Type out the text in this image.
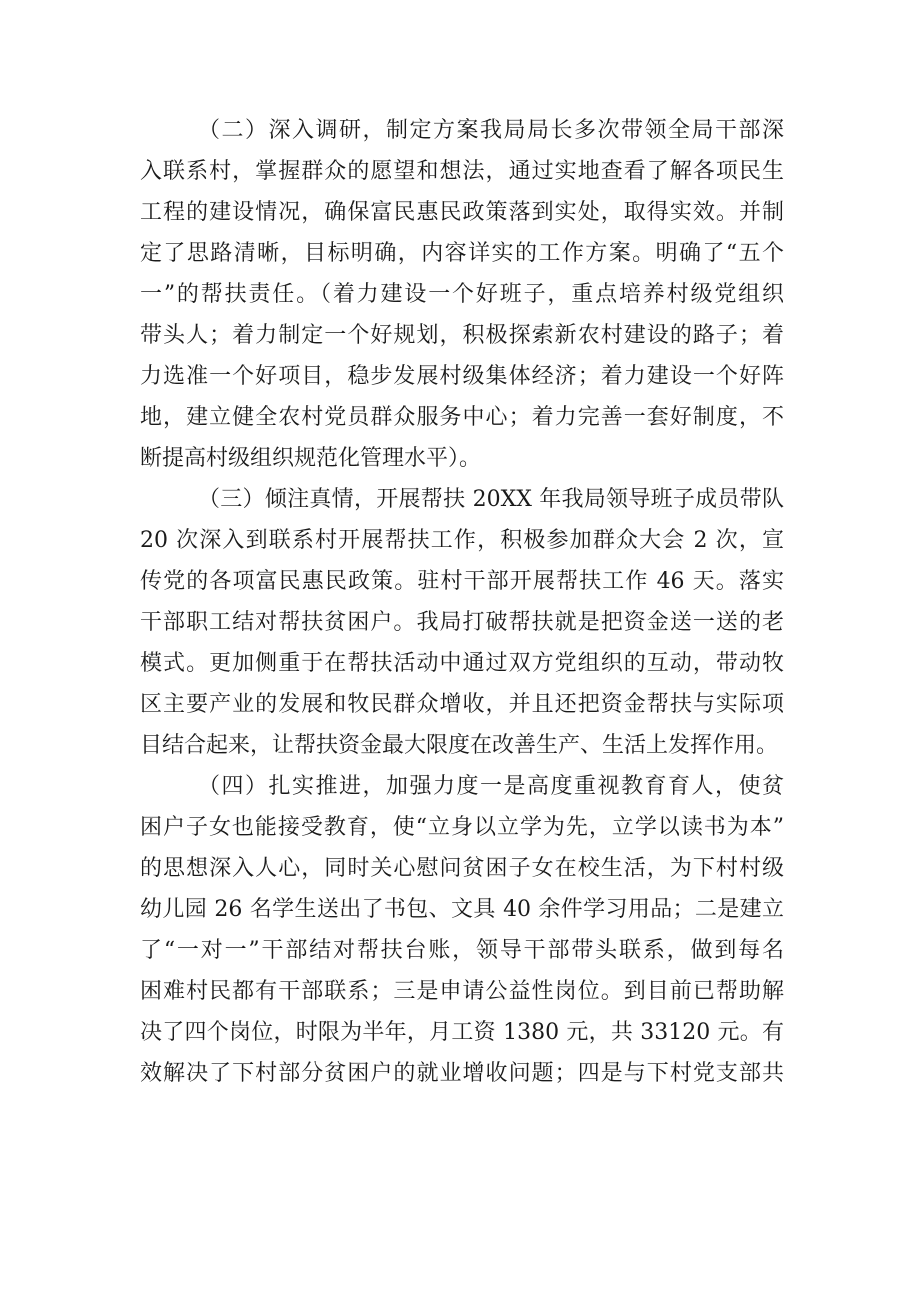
（二）深入调研，制定方案我局局长多次带领全局干部深
入联系村，掌握群众的愿望和想法，通过实地查看了解各项民生
工程的建设情况，确保富民惠民政策落到实处，取得实效。并制
定了思路清晰，目标明确，内容详实的工作方案。明确了“五个
一”的帮扶责任。（着力建设一个好班子，重点培养村级党组织
带头人；着力制定一个好规划，积极探索新农村建设的路子；着
力选准一个好项目，稳步发展村级集体经济；着力建设一个好阵
地，建立健全农村党员群众服务中心；着力完善一套好制度，不
断提高村级组织规范化管理水平）。
（三）倾注真情，开展帮扶 20XX 年我局领导班子成员带队
20 次深入到联系村开展帮扶工作，积极参加群众大会 2 次，宣
传党的各项富民惠民政策。驻村干部开展帮扶工作 46 天。落实
干部职工结对帮扶贫困户。我局打破帮扶就是把资金送一送的老
模式。更加侧重于在帮扶活动中通过双方党组织的互动，带动牧
区主要产业的发展和牧民群众增收，并且还把资金帮扶与实际项
目结合起来，让帮扶资金最大限度在改善生产、生活上发挥作用。
（四）扎实推进，加强力度一是高度重视教育育人，使贫
困户子女也能接受教育，使“立身以立学为先，立学以读书为本”
的思想深入人心，同时关心慰问贫困子女在校生活，为下村村级
幼儿园 26 名学生送出了书包、文具 40 余件学习用品；二是建立
了“一对一”干部结对帮扶台账，领导干部带头联系，做到每名
困难村民都有干部联系；三是申请公益性岗位。到目前已帮助解
决了四个岗位，时限为半年，月工资 1380 元，共 33120 元。有
效解决了下村部分贫困户的就业增收问题；四是与下村党支部共
